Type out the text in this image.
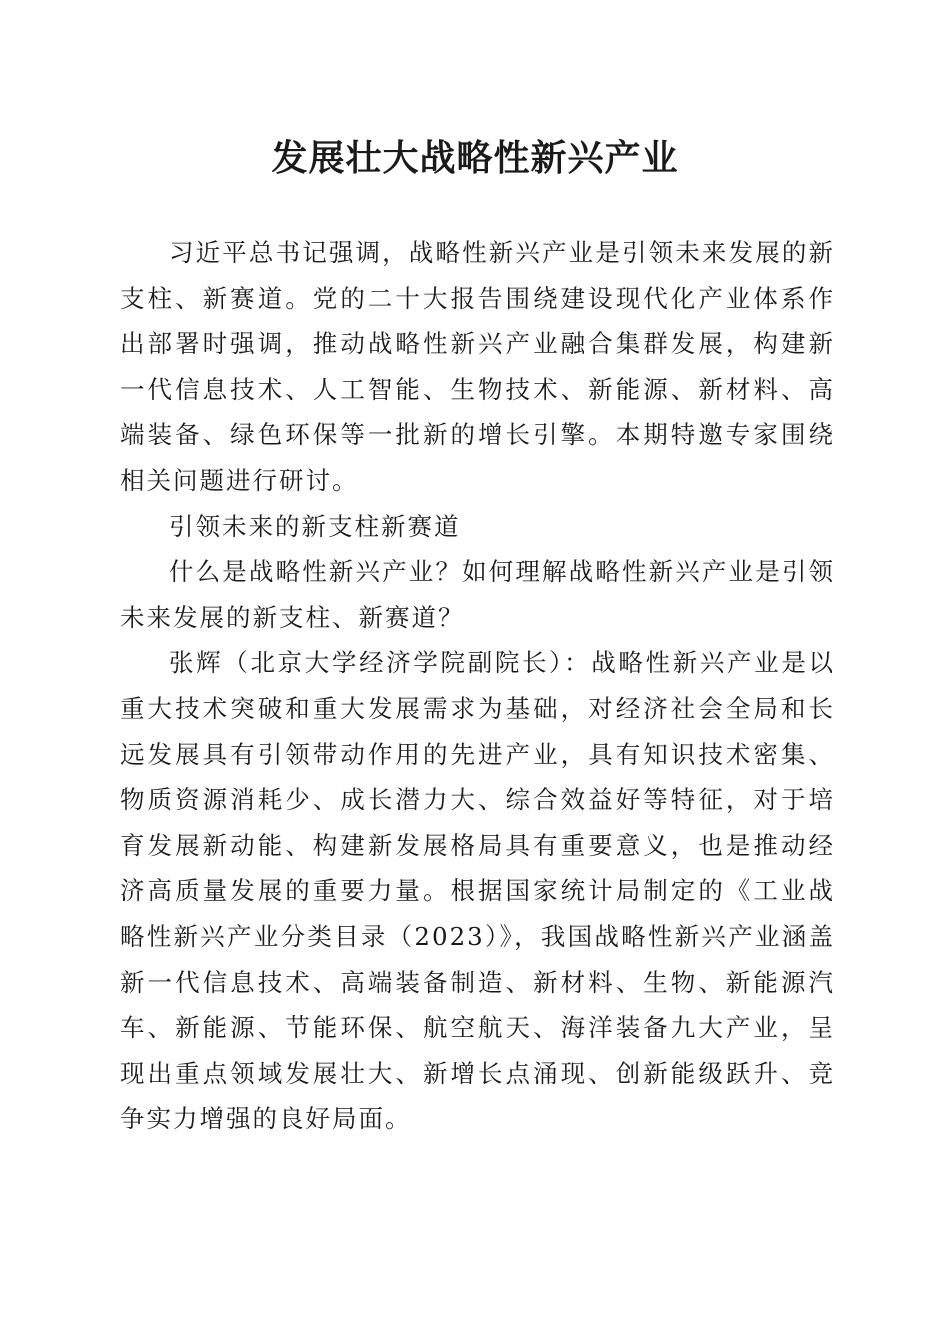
发展壮大战略性新兴产业

习近平总书记强调，战略性新兴产业是引领未来发展的新支柱、新赛道。党的二十大报告围绕建设现代化产业体系作出部署时强调，推动战略性新兴产业融合集群发展，构建新一代信息技术、人工智能、生物技术、新能源、新材料、高端装备、绿色环保等一批新的增长引擎。本期特邀专家围绕相关问题进行研讨。

引领未来的新支柱新赛道

什么是战略性新兴产业？如何理解战略性新兴产业是引领未来发展的新支柱、新赛道？

张辉（北京大学经济学院副院长）：战略性新兴产业是以重大技术突破和重大发展需求为基础，对经济社会全局和长远发展具有引领带动作用的先进产业，具有知识技术密集、物质资源消耗少、成长潜力大、综合效益好等特征，对于培育发展新动能、构建新发展格局具有重要意义，也是推动经济高质量发展的重要力量。根据国家统计局制定的《工业战略性新兴产业分类目录（2023）》，我国战略性新兴产业涵盖新一代信息技术、高端装备制造、新材料、生物、新能源汽车、新能源、节能环保、航空航天、海洋装备九大产业，呈现出重点领域发展壮大、新增长点涌现、创新能级跃升、竞争实力增强的良好局面。
